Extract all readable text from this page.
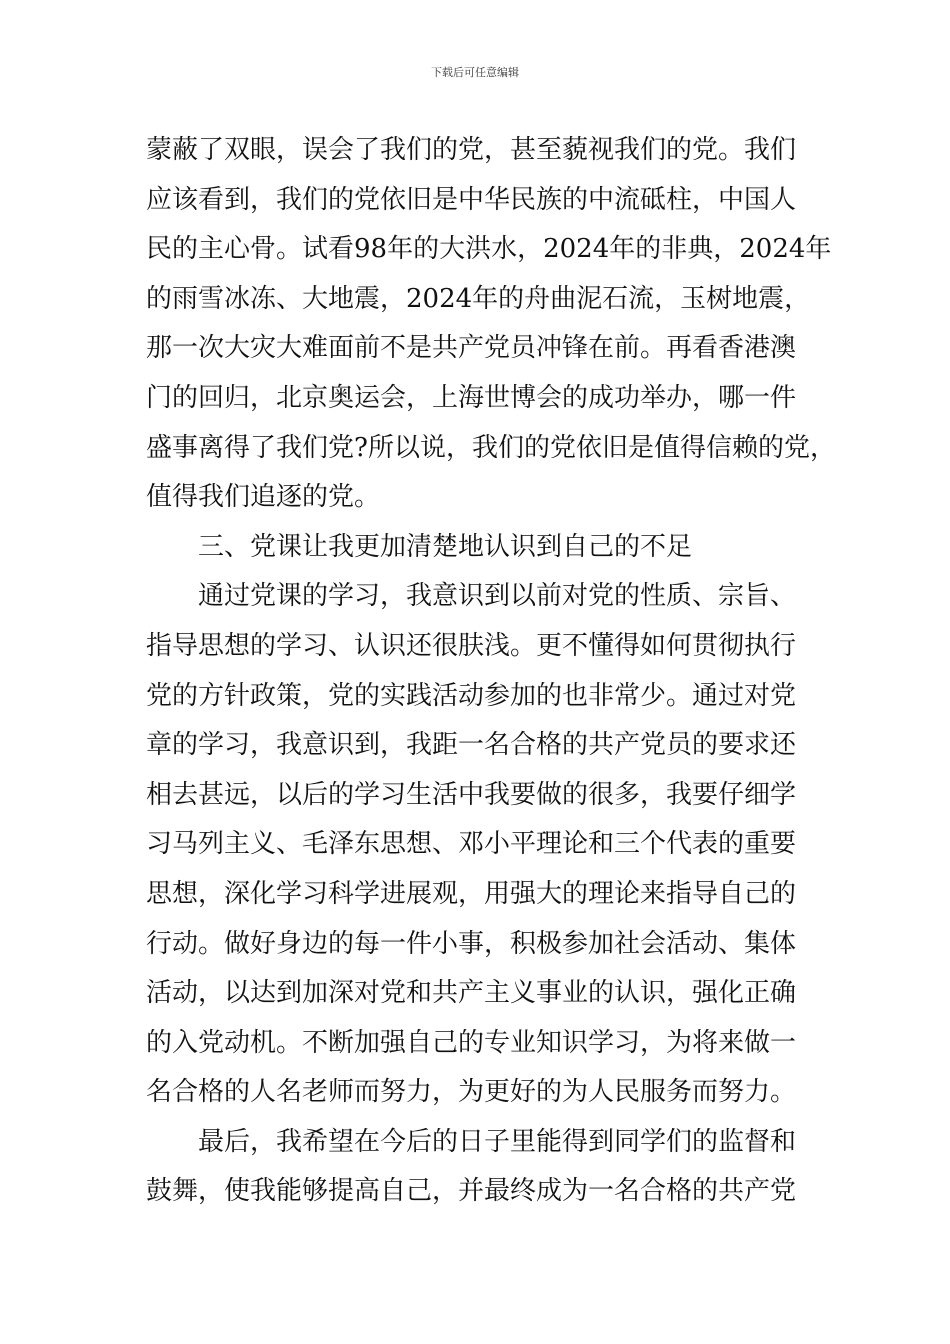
下载后可任意编辑
蒙蔽了双眼，误会了我们的党，甚至藐视我们的党。我们
应该看到，我们的党依旧是中华民族的中流砥柱，中国人
民的主心骨。试看98年的大洪水，2024年的非典，2024年
的雨雪冰冻、大地震，2024年的舟曲泥石流，玉树地震，
那一次大灾大难面前不是共产党员冲锋在前。再看香港澳
门的回归，北京奥运会，上海世博会的成功举办，哪一件
盛事离得了我们党?所以说，我们的党依旧是值得信赖的党，
值得我们追逐的党。
三、党课让我更加清楚地认识到自己的不足
通过党课的学习，我意识到以前对党的性质、宗旨、
指导思想的学习、认识还很肤浅。更不懂得如何贯彻执行
党的方针政策，党的实践活动参加的也非常少。通过对党
章的学习，我意识到，我距一名合格的共产党员的要求还
相去甚远，以后的学习生活中我要做的很多，我要仔细学
习马列主义、毛泽东思想、邓小平理论和三个代表的重要
思想，深化学习科学进展观，用强大的理论来指导自己的
行动。做好身边的每一件小事，积极参加社会活动、集体
活动，以达到加深对党和共产主义事业的认识，强化正确
的入党动机。不断加强自己的专业知识学习，为将来做一
名合格的人名老师而努力，为更好的为人民服务而努力。
最后，我希望在今后的日子里能得到同学们的监督和
鼓舞，使我能够提高自己，并最终成为一名合格的共产党
